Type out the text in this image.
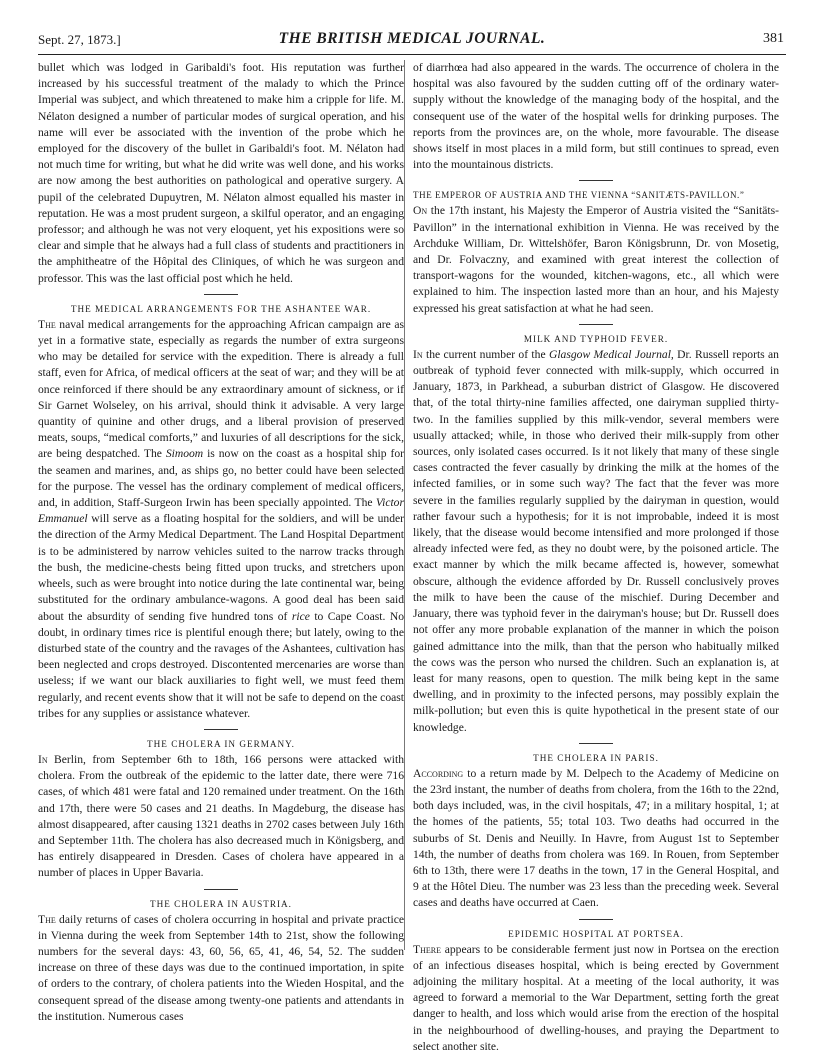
Sept. 27, 1873.]	THE BRITISH MEDICAL JOURNAL.	381

bullet which was lodged in Garibaldi's foot. His reputation was further increased by his successful treatment of the malady to which the Prince Imperial was subject, and which threatened to make him a cripple for life. M. Nélaton designed a number of particular modes of surgical operation, and his name will ever be associated with the invention of the probe which he employed for the discovery of the bullet in Garibaldi's foot. M. Nélaton had not much time for writing, but what he did write was well done, and his works are now among the best authorities on pathological and operative surgery. A pupil of the celebrated Dupuytren, M. Nélaton almost equalled his master in reputation. He was a most prudent surgeon, a skilful operator, and an engaging professor; and although he was not very eloquent, yet his expositions were so clear and simple that he always had a full class of students and practitioners in the amphitheatre of the Hôpital des Cliniques, of which he was surgeon and professor. This was the last official post which he held.

THE MEDICAL ARRANGEMENTS FOR THE ASHANTEE WAR.

The naval medical arrangements for the approaching African campaign are as yet in a formative state, especially as regards the number of extra surgeons who may be detailed for service with the expedition. There is already a full staff, even for Africa, of medical officers at the seat of war; and they will be at once reinforced if there should be any extraordinary amount of sickness, or if Sir Garnet Wolseley, on his arrival, should think it advisable. A very large quantity of quinine and other drugs, and a liberal provision of preserved meats, soups, “medical comforts,” and luxuries of all descriptions for the sick, are being despatched. The Simoom is now on the coast as a hospital ship for the seamen and marines, and, as ships go, no better could have been selected for the purpose. The vessel has the ordinary complement of medical officers, and, in addition, Staff-Surgeon Irwin has been specially appointed. The Victor Emmanuel will serve as a floating hospital for the soldiers, and will be under the direction of the Army Medical Department. The Land Hospital Department is to be administered by narrow vehicles suited to the narrow tracks through the bush, the medicine-chests being fitted upon trucks, and stretchers upon wheels, such as were brought into notice during the late continental war, being substituted for the ordinary ambulance-wagons. A good deal has been said about the absurdity of sending five hundred tons of rice to Cape Coast. No doubt, in ordinary times rice is plentiful enough there; but lately, owing to the disturbed state of the country and the ravages of the Ashantees, cultivation has been neglected and crops destroyed. Discontented mercenaries are worse than useless; if we want our black auxiliaries to fight well, we must feed them regularly, and recent events show that it will not be safe to depend on the coast tribes for any supplies or assistance whatever.

THE CHOLERA IN GERMANY.

In Berlin, from September 6th to 18th, 166 persons were attacked with cholera. From the outbreak of the epidemic to the latter date, there were 716 cases, of which 481 were fatal and 120 remained under treatment. On the 16th and 17th, there were 50 cases and 21 deaths. In Magdeburg, the disease has almost disappeared, after causing 1321 deaths in 2702 cases between July 16th and September 11th. The cholera has also decreased much in Königsberg, and has entirely disappeared in Dresden. Cases of cholera have appeared in a number of places in Upper Bavaria.

THE CHOLERA IN AUSTRIA.

The daily returns of cases of cholera occurring in hospital and private practice in Vienna during the week from September 14th to 21st, show the following numbers for the several days: 43, 60, 56, 65, 41, 46, 54, 52. The sudden increase on three of these days was due to the continued importation, in spite of orders to the contrary, of cholera patients into the Wieden Hospital, and the consequent spread of the disease among twenty-one patients and attendants in the institution. Numerous cases

of diarrhœa had also appeared in the wards. The occurrence of cholera in the hospital was also favoured by the sudden cutting off of the ordinary water-supply without the knowledge of the managing body of the hospital, and the consequent use of the water of the hospital wells for drinking purposes. The reports from the provinces are, on the whole, more favourable. The disease shows itself in most places in a mild form, but still continues to spread, even into the mountainous districts.

THE EMPEROR OF AUSTRIA AND THE VIENNA “SANITÆTS-PAVILLON.”

On the 17th instant, his Majesty the Emperor of Austria visited the “Sanitäts-Pavillon” in the international exhibition in Vienna. He was received by the Archduke William, Dr. Wittelshöfer, Baron Königsbrunn, Dr. von Mosetig, and Dr. Folvaczny, and examined with great interest the collection of transport-wagons for the wounded, kitchen-wagons, etc., all which were explained to him. The inspection lasted more than an hour, and his Majesty expressed his great satisfaction at what he had seen.

MILK AND TYPHOID FEVER.

In the current number of the Glasgow Medical Journal, Dr. Russell reports an outbreak of typhoid fever connected with milk-supply, which occurred in January, 1873, in Parkhead, a suburban district of Glasgow. He discovered that, of the total thirty-nine families affected, one dairyman supplied thirty-two. In the families supplied by this milk-vendor, several members were usually attacked; while, in those who derived their milk-supply from other sources, only isolated cases occurred. Is it not likely that many of these single cases contracted the fever casually by drinking the milk at the homes of the infected families, or in some such way? The fact that the fever was more severe in the families regularly supplied by the dairyman in question, would rather favour such a hypothesis; for it is not improbable, indeed it is most likely, that the disease would become intensified and more prolonged if those already infected were fed, as they no doubt were, by the poisoned article. The exact manner by which the milk became affected is, however, somewhat obscure, although the evidence afforded by Dr. Russell conclusively proves the milk to have been the cause of the mischief. During December and January, there was typhoid fever in the dairyman's house; but Dr. Russell does not offer any more probable explanation of the manner in which the poison gained admittance into the milk, than that the person who habitually milked the cows was the person who nursed the children. Such an explanation is, at least for many reasons, open to question. The milk being kept in the same dwelling, and in proximity to the infected persons, may possibly explain the milk-pollution; but even this is quite hypothetical in the present state of our knowledge.

THE CHOLERA IN PARIS.

According to a return made by M. Delpech to the Academy of Medicine on the 23rd instant, the number of deaths from cholera, from the 16th to the 22nd, both days included, was, in the civil hospitals, 47; in a military hospital, 1; at the homes of the patients, 55; total 103. Two deaths had occurred in the suburbs of St. Denis and Neuilly. In Havre, from August 1st to September 14th, the number of deaths from cholera was 169. In Rouen, from September 6th to 13th, there were 17 deaths in the town, 17 in the General Hospital, and 9 at the Hôtel Dieu. The number was 23 less than the preceding week. Several cases and deaths have occurred at Caen.

EPIDEMIC HOSPITAL AT PORTSEA.

There appears to be considerable ferment just now in Portsea on the erection of an infectious diseases hospital, which is being erected by Government adjoining the military hospital. At a meeting of the local authority, it was agreed to forward a memorial to the War Department, setting forth the great danger to health, and loss which would arise from the erection of the hospital in the neighbourhood of dwelling-houses, and praying the Department to select another site.
